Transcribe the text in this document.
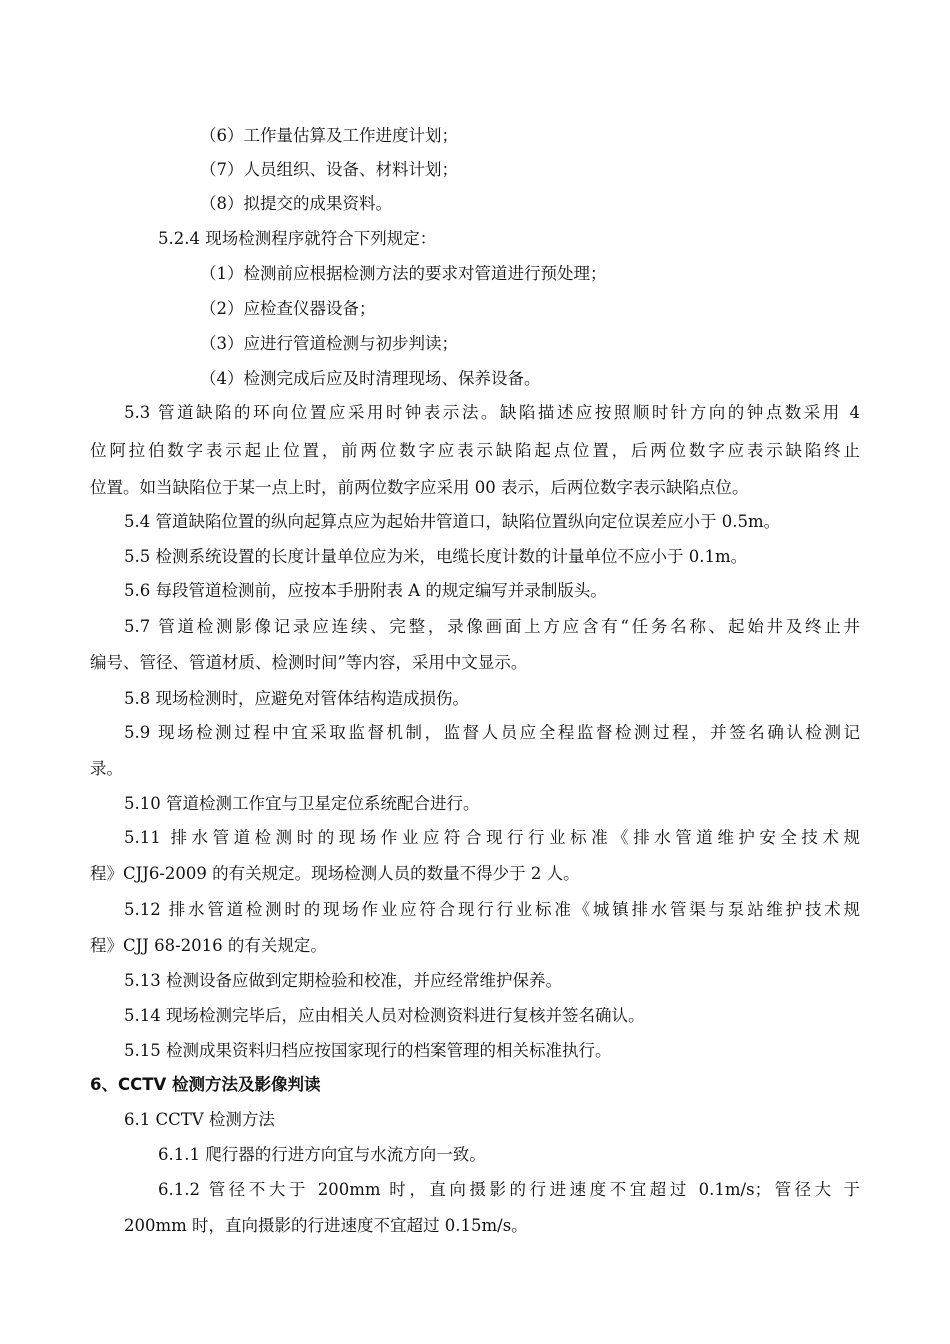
（6）工作量估算及工作进度计划；
（7）人员组织、设备、材料计划；
（8）拟提交的成果资料。
5.2.4 现场检测程序就符合下列规定：
（1）检测前应根据检测方法的要求对管道进行预处理；
（2）应检查仪器设备；
（3）应进行管道检测与初步判读；
（4）检测完成后应及时清理现场、保养设备。
5.3 管道缺陷的环向位置应采用时钟表示法。缺陷描述应按照顺时针方向的钟点数采用 4
位阿拉伯数字表示起止位置，前两位数字应表示缺陷起点位置，后两位数字应表示缺陷终止
位置。如当缺陷位于某一点上时，前两位数字应采用 00 表示，后两位数字表示缺陷点位。
5.4 管道缺陷位置的纵向起算点应为起始井管道口，缺陷位置纵向定位误差应小于 0.5m。
5.5 检测系统设置的长度计量单位应为米，电缆长度计数的计量单位不应小于 0.1m。
5.6 每段管道检测前，应按本手册附表 A 的规定编写并录制版头。
5.7 管道检测影像记录应连续、完整，录像画面上方应含有“任务名称、起始井及终止井
编号、管径、管道材质、检测时间”等内容，采用中文显示。
5.8 现场检测时，应避免对管体结构造成损伤。
5.9 现场检测过程中宜采取监督机制，监督人员应全程监督检测过程，并签名确认检测记
录。
5.10 管道检测工作宜与卫星定位系统配合进行。
5.11 排水管道检测时的现场作业应符合现行行业标准《排水管道维护安全技术规
程》CJJ6-2009 的有关规定。现场检测人员的数量不得少于 2 人。
5.12 排水管道检测时的现场作业应符合现行行业标准《城镇排水管渠与泵站维护技术规
程》CJJ 68-2016 的有关规定。
5.13 检测设备应做到定期检验和校准，并应经常维护保养。
5.14 现场检测完毕后，应由相关人员对检测资料进行复核并签名确认。
5.15 检测成果资料归档应按国家现行的档案管理的相关标准执行。
6、CCTV 检测方法及影像判读
6.1 CCTV 检测方法
6.1.1 爬行器的行进方向宜与水流方向一致。
6.1.2 管径不大于 200mm 时，直向摄影的行进速度不宜超过 0.1m/s；管径大 于
200mm 时，直向摄影的行进速度不宜超过 0.15m/s。
